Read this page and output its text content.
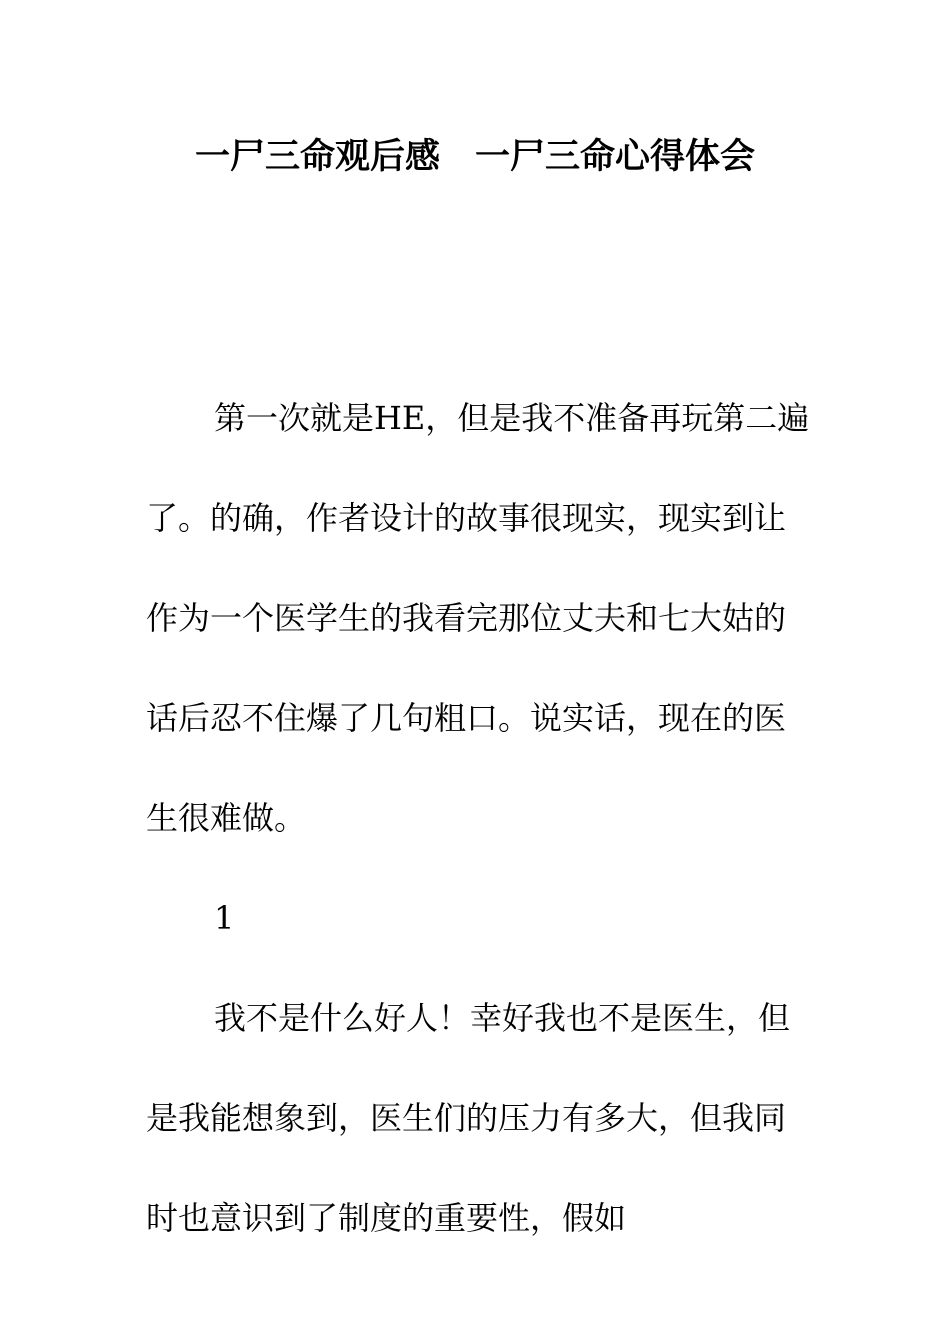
一尸三命观后感　一尸三命心得体会

第一次就是HE，但是我不准备再玩第二遍了。的确，作者设计的故事很现实，现实到让作为一个医学生的我看完那位丈夫和七大姑的话后忍不住爆了几句粗口。说实话，现在的医生很难做。

1

我不是什么好人！幸好我也不是医生，但是我能想象到，医生们的压力有多大，但我同时也意识到了制度的重要性，假如
